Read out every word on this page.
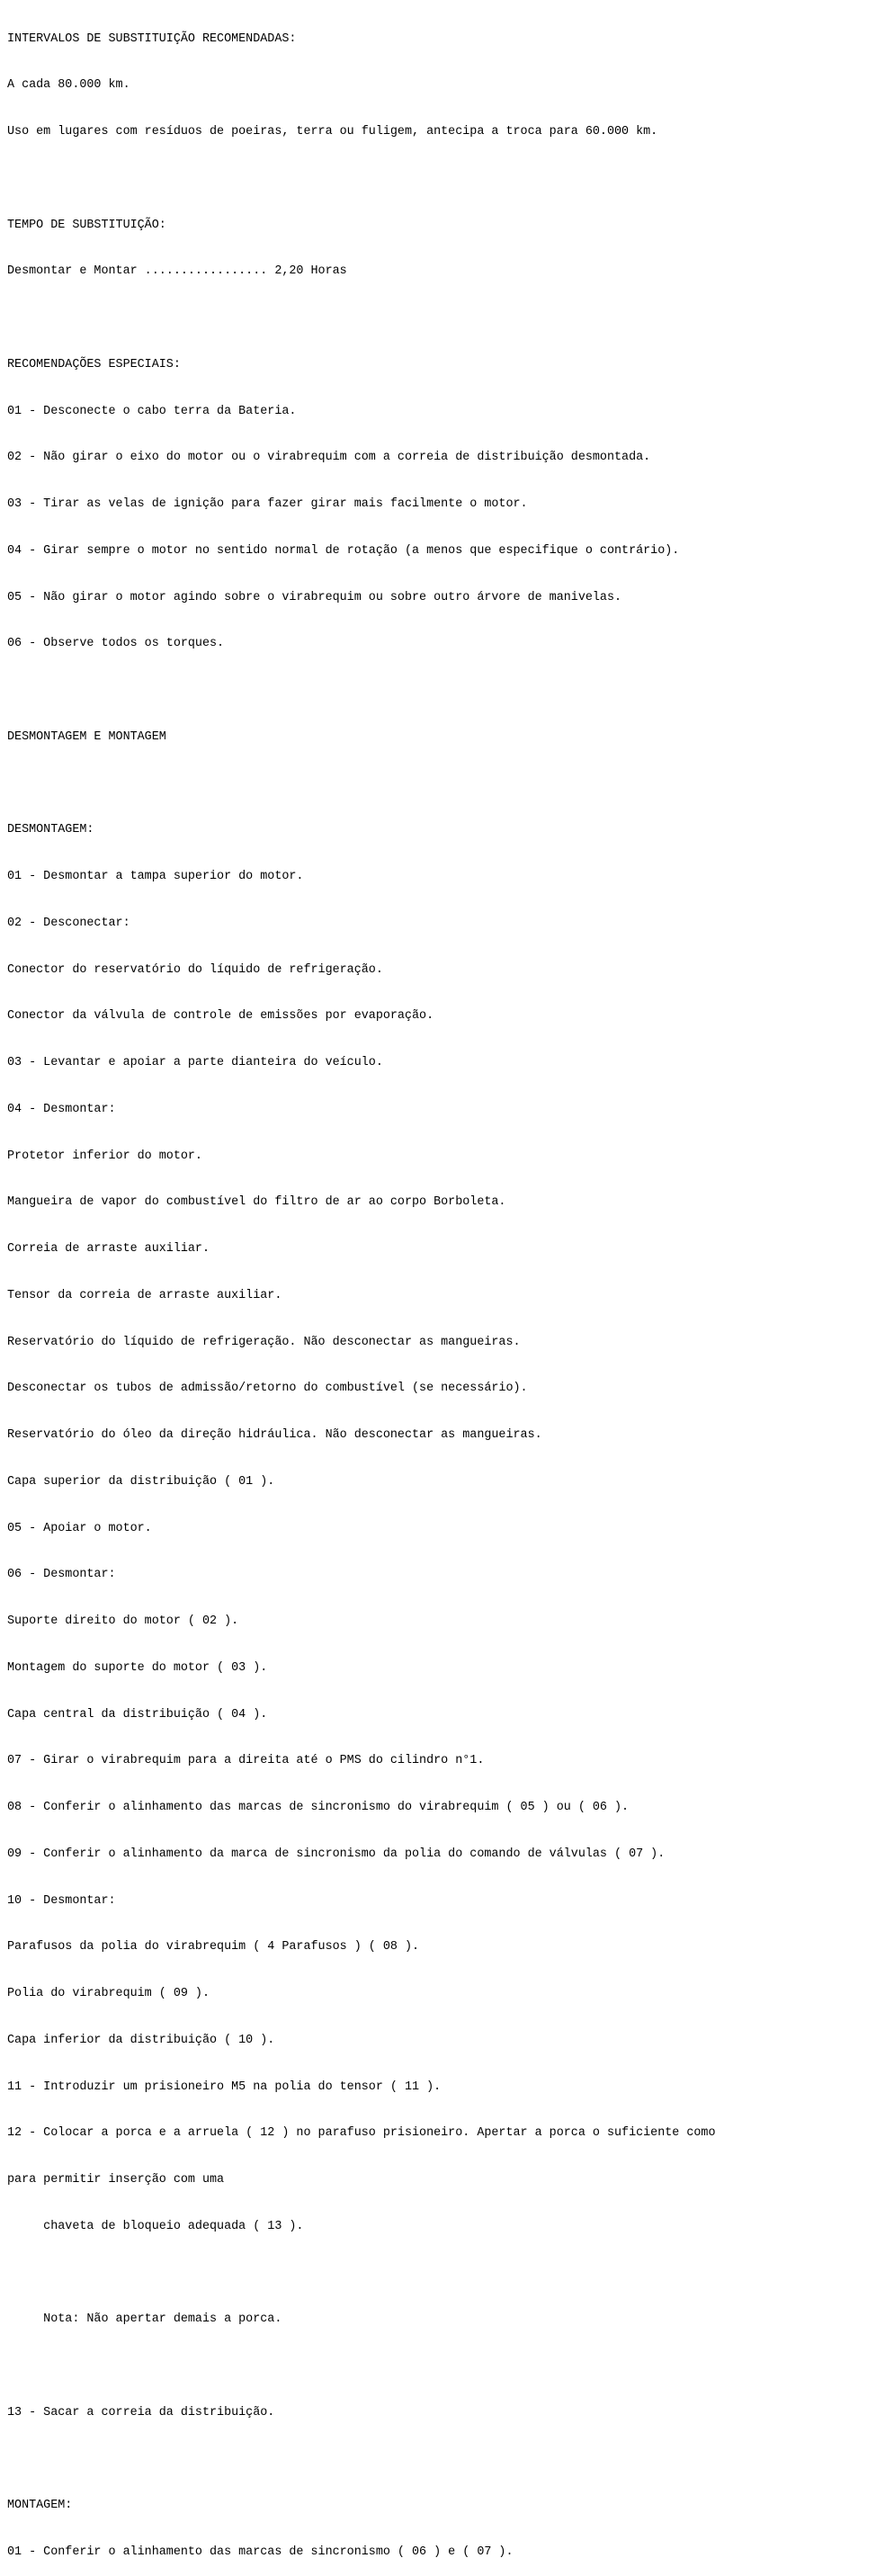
INTERVALOS DE SUBSTITUIÇÃO RECOMENDADAS:

A cada 80.000 km.

Uso em lugares com resíduos de poeiras, terra ou fuligem, antecipa a troca para 60.000 km.

TEMPO DE SUBSTITUIÇÃO:

Desmontar e Montar ................. 2,20 Horas

RECOMENDAÇÕES ESPECIAIS:

01 - Desconecte o cabo terra da Bateria.

02 - Não girar o eixo do motor ou o virabrequim com a correia de distribuição desmontada.

03 - Tirar as velas de ignição para fazer girar mais facilmente o motor.

04 - Girar sempre o motor no sentido normal de rotação (a menos que especifique o contrário).

05 - Não girar o motor agindo sobre o virabrequim ou sobre outro árvore de manivelas.

06 - Observe todos os torques.

DESMONTAGEM E MONTAGEM

DESMONTAGEM:

01 - Desmontar a tampa superior do motor.

02 - Desconectar:

Conector do reservatório do líquido de refrigeração.

Conector da válvula de controle de emissões por evaporação.

03 - Levantar e apoiar a parte dianteira do veículo.

04 - Desmontar:

Protetor inferior do motor.

Mangueira de vapor do combustível do filtro de ar ao corpo Borboleta.

Correia de arraste auxiliar.

Tensor da correia de arraste auxiliar.

Reservatório do líquido de refrigeração. Não desconectar as mangueiras.

Desconectar os tubos de admissão/retorno do combustível (se necessário).

Reservatório do óleo da direção hidráulica. Não desconectar as mangueiras.

Capa superior da distribuição ( 01 ).

05 - Apoiar o motor.

06 - Desmontar:

Suporte direito do motor ( 02 ).

Montagem do suporte do motor ( 03 ).

Capa central da distribuição ( 04 ).

07 - Girar o virabrequim para a direita até o PMS do cilindro n°1.

08 - Conferir o alinhamento das marcas de sincronismo do virabrequim ( 05 ) ou ( 06 ).

09 - Conferir o alinhamento da marca de sincronismo da polia do comando de válvulas ( 07 ).

10 - Desmontar:

Parafusos da polia do virabrequim ( 4 Parafusos ) ( 08 ).

Polia do virabrequim ( 09 ).

Capa inferior da distribuição ( 10 ).

11 - Introduzir um prisioneiro M5 na polia do tensor ( 11 ).

12 - Colocar a porca e a arruela ( 12 ) no parafuso prisioneiro. Apertar a porca o suficiente como

para permitir inserção com uma

chaveta de bloqueio adequada ( 13 ).

Nota: Não apertar demais a porca.

13 - Sacar a correia da distribuição.

MONTAGEM:

01 - Conferir o alinhamento das marcas de sincronismo ( 06 ) e ( 07 ).
